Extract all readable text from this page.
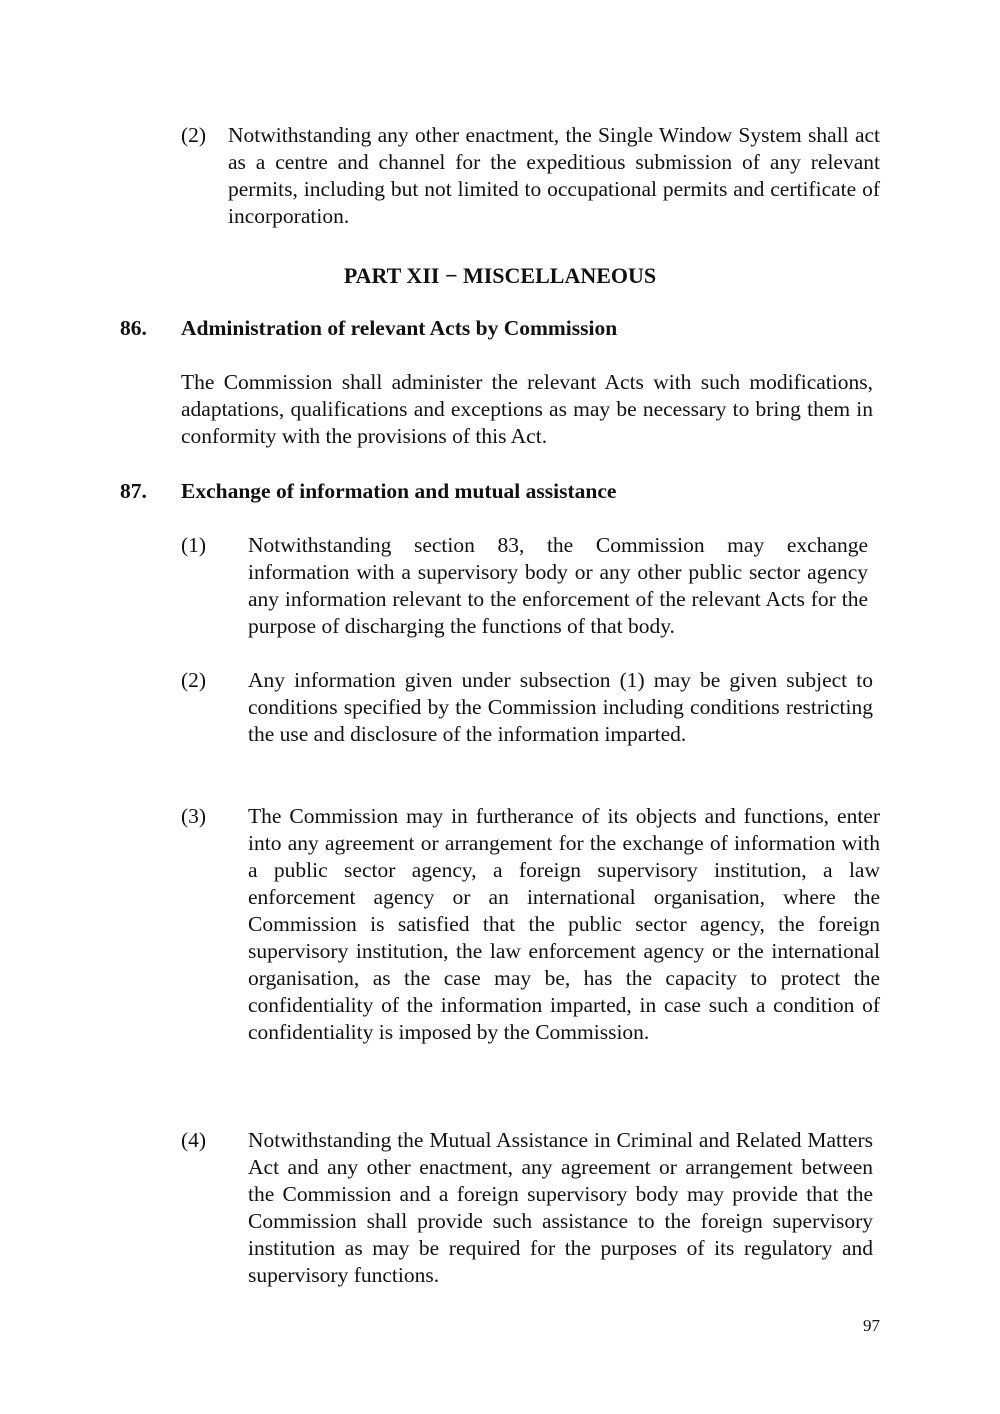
(2) Notwithstanding any other enactment, the Single Window System shall act as a centre and channel for the expeditious submission of any relevant permits, including but not limited to occupational permits and certificate of incorporation.
PART XII − MISCELLANEOUS
86. Administration of relevant Acts by Commission
The Commission shall administer the relevant Acts with such modifications, adaptations, qualifications and exceptions as may be necessary to bring them in conformity with the provisions of this Act.
87. Exchange of information and mutual assistance
(1) Notwithstanding section 83, the Commission may exchange information with a supervisory body or any other public sector agency any information relevant to the enforcement of the relevant Acts for the purpose of discharging the functions of that body.
(2) Any information given under subsection (1) may be given subject to conditions specified by the Commission including conditions restricting the use and disclosure of the information imparted.
(3) The Commission may in furtherance of its objects and functions, enter into any agreement or arrangement for the exchange of information with a public sector agency, a foreign supervisory institution, a law enforcement agency or an international organisation, where the Commission is satisfied that the public sector agency, the foreign supervisory institution, the law enforcement agency or the international organisation, as the case may be, has the capacity to protect the confidentiality of the information imparted, in case such a condition of confidentiality is imposed by the Commission.
(4) Notwithstanding the Mutual Assistance in Criminal and Related Matters Act and any other enactment, any agreement or arrangement between the Commission and a foreign supervisory body may provide that the Commission shall provide such assistance to the foreign supervisory institution as may be required for the purposes of its regulatory and supervisory functions.
97
